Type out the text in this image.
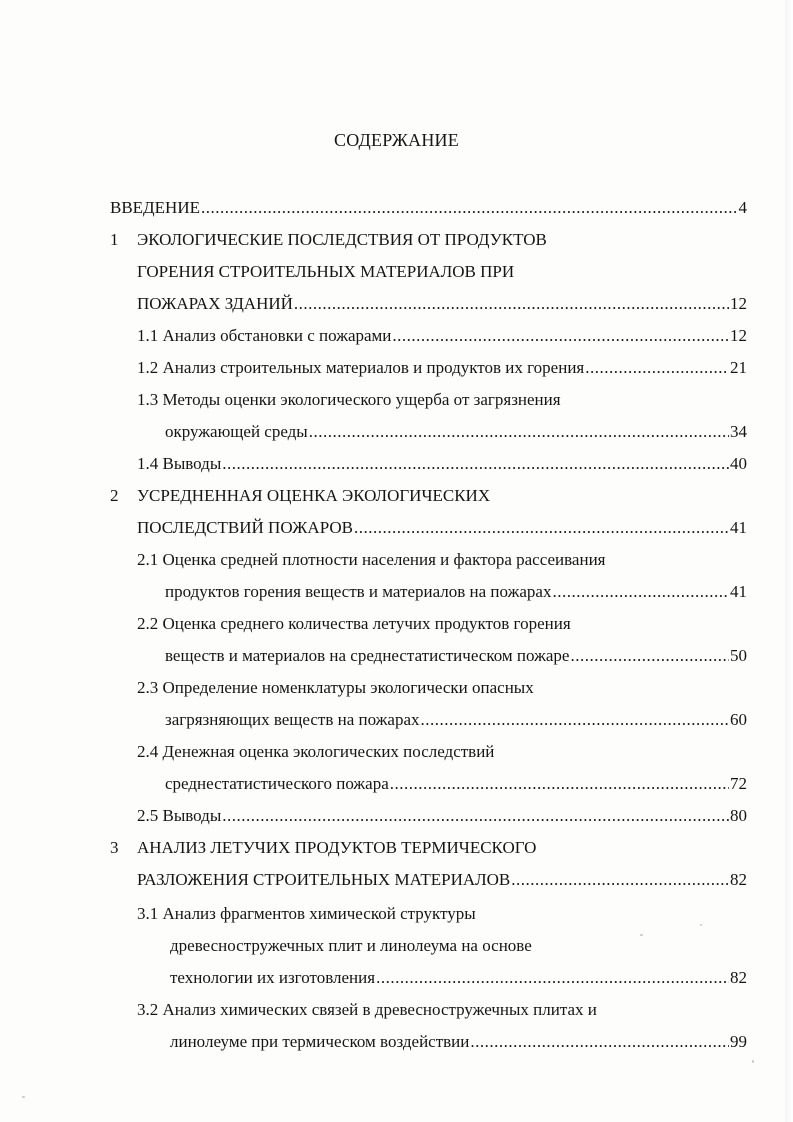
СОДЕРЖАНИЕ
ВВЕДЕНИЕ .....	4
1	ЭКОЛОГИЧЕСКИЕ ПОСЛЕДСТВИЯ ОТ ПРОДУКТОВ
ГОРЕНИЯ СТРОИТЕЛЬНЫХ МАТЕРИАЛОВ ПРИ
ПОЖАРАХ ЗДАНИЙ .....	12
1.1 Анализ обстановки с пожарами .....	12
1.2 Анализ строительных материалов и продуктов их горения .....	21
1.3 Методы оценки экологического ущерба от загрязнения
окружающей среды .....	34
1.4 Выводы .....	40
2	УСРЕДНЕННАЯ ОЦЕНКА ЭКОЛОГИЧЕСКИХ
ПОСЛЕДСТВИЙ ПОЖАРОВ .....	41
2.1 Оценка средней плотности населения и фактора рассеивания
продуктов горения веществ и материалов на пожарах .....	41
2.2 Оценка среднего количества летучих продуктов горения
веществ и материалов на среднестатистическом пожаре .....	50
2.3 Определение номенклатуры экологически опасных
загрязняющих веществ на пожарах .....	60
2.4 Денежная оценка экологических последствий
среднестатистического пожара .....	72
2.5 Выводы .....	80
3	АНАЛИЗ ЛЕТУЧИХ ПРОДУКТОВ ТЕРМИЧЕСКОГО
РАЗЛОЖЕНИЯ СТРОИТЕЛЬНЫХ МАТЕРИАЛОВ .....	82
3.1 Анализ фрагментов химической структуры
древесностружечных плит и линолеума на основе
технологии их изготовления .....	82
3.2 Анализ химических связей в древесностружечных плитах и
линолеуме при термическом воздействии .....	99
